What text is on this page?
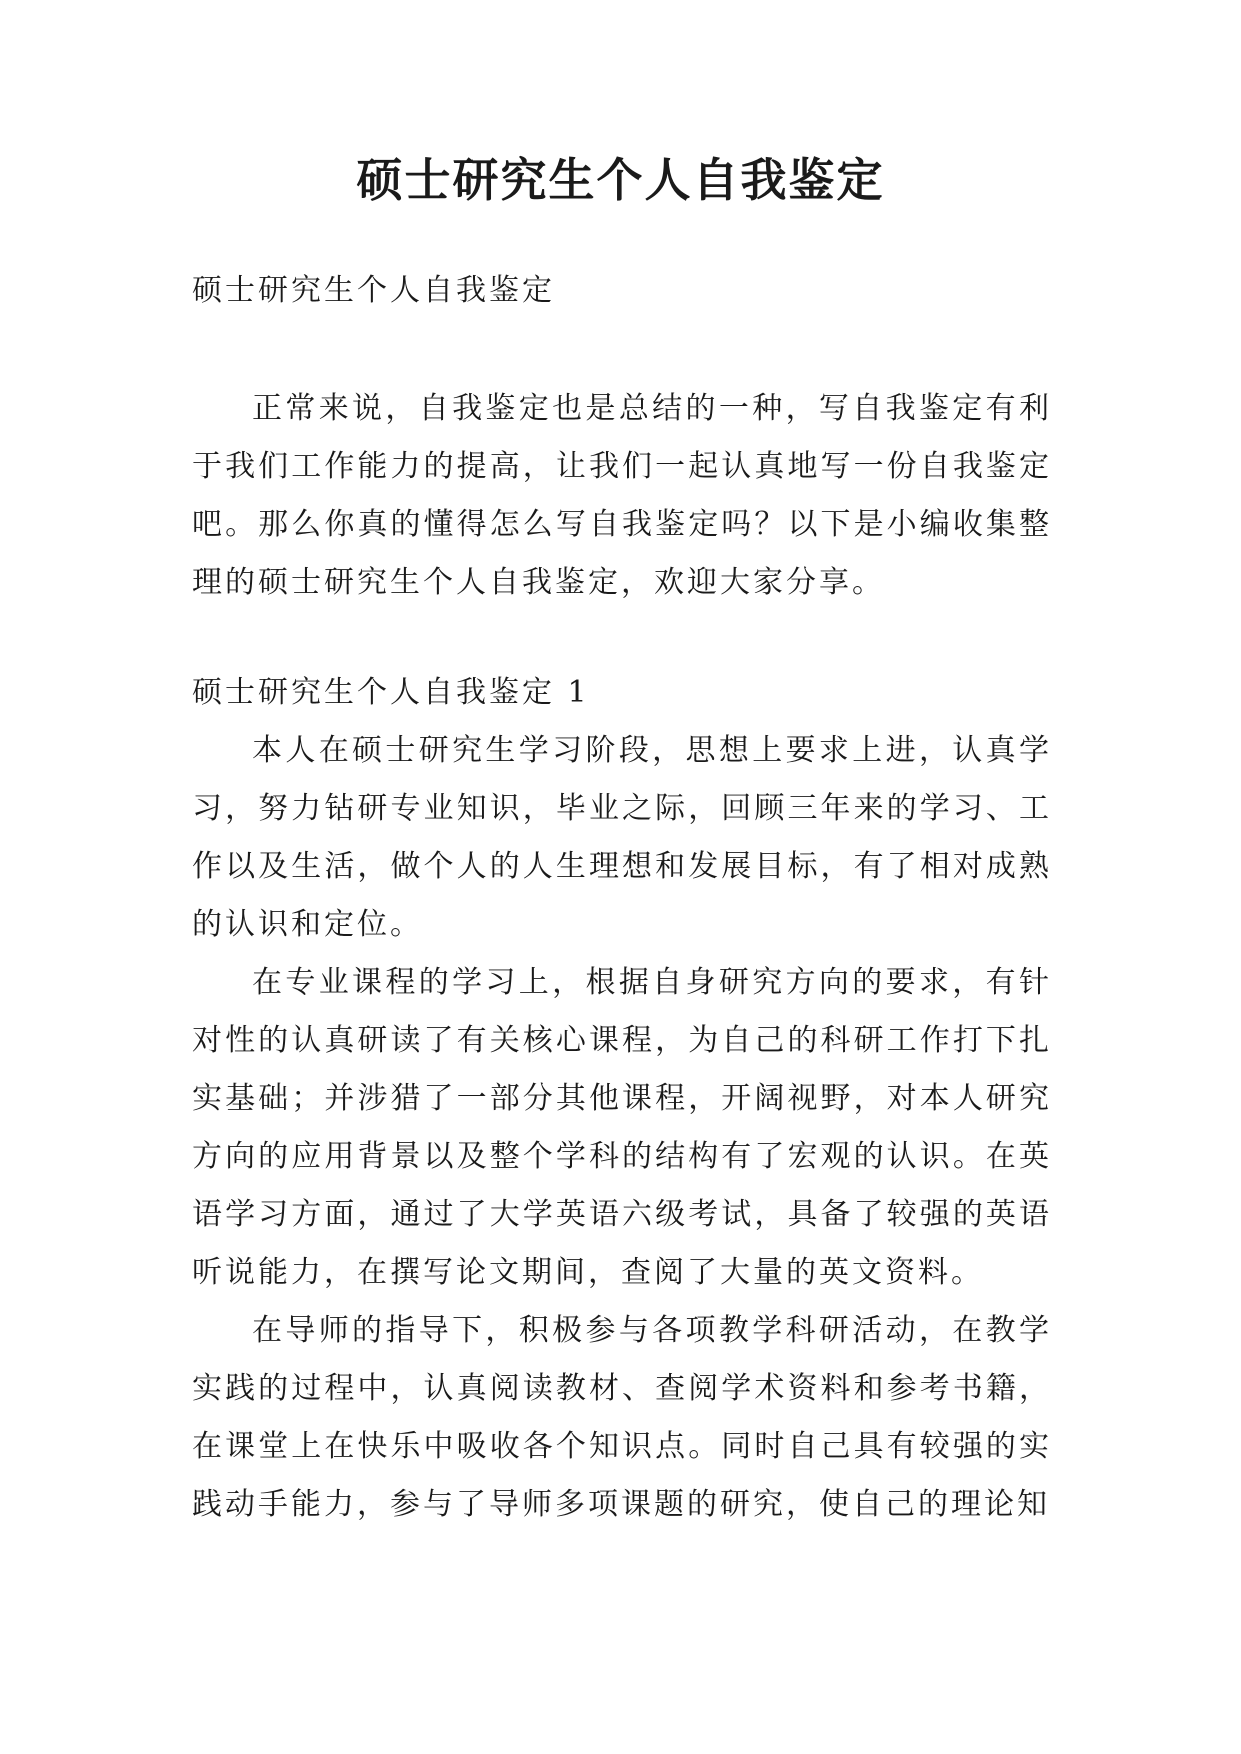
硕士研究生个人自我鉴定

硕士研究生个人自我鉴定

正常来说，自我鉴定也是总结的一种，写自我鉴定有利于我们工作能力的提高，让我们一起认真地写一份自我鉴定吧。那么你真的懂得怎么写自我鉴定吗？以下是小编收集整理的硕士研究生个人自我鉴定，欢迎大家分享。

硕士研究生个人自我鉴定 1

本人在硕士研究生学习阶段，思想上要求上进，认真学习，努力钻研专业知识，毕业之际，回顾三年来的学习、工作以及生活，做个人的人生理想和发展目标，有了相对成熟的认识和定位。

在专业课程的学习上，根据自身研究方向的要求，有针对性的认真研读了有关核心课程，为自己的科研工作打下扎实基础；并涉猎了一部分其他课程，开阔视野，对本人研究方向的应用背景以及整个学科的结构有了宏观的认识。在英语学习方面，通过了大学英语六级考试，具备了较强的英语听说能力，在撰写论文期间，查阅了大量的英文资料。

在导师的指导下，积极参与各项教学科研活动，在教学实践的过程中，认真阅读教材、查阅学术资料和参考书籍，在课堂上在快乐中吸收各个知识点。同时自己具有较强的实践动手能力，参与了导师多项课题的研究，使自己的理论知
